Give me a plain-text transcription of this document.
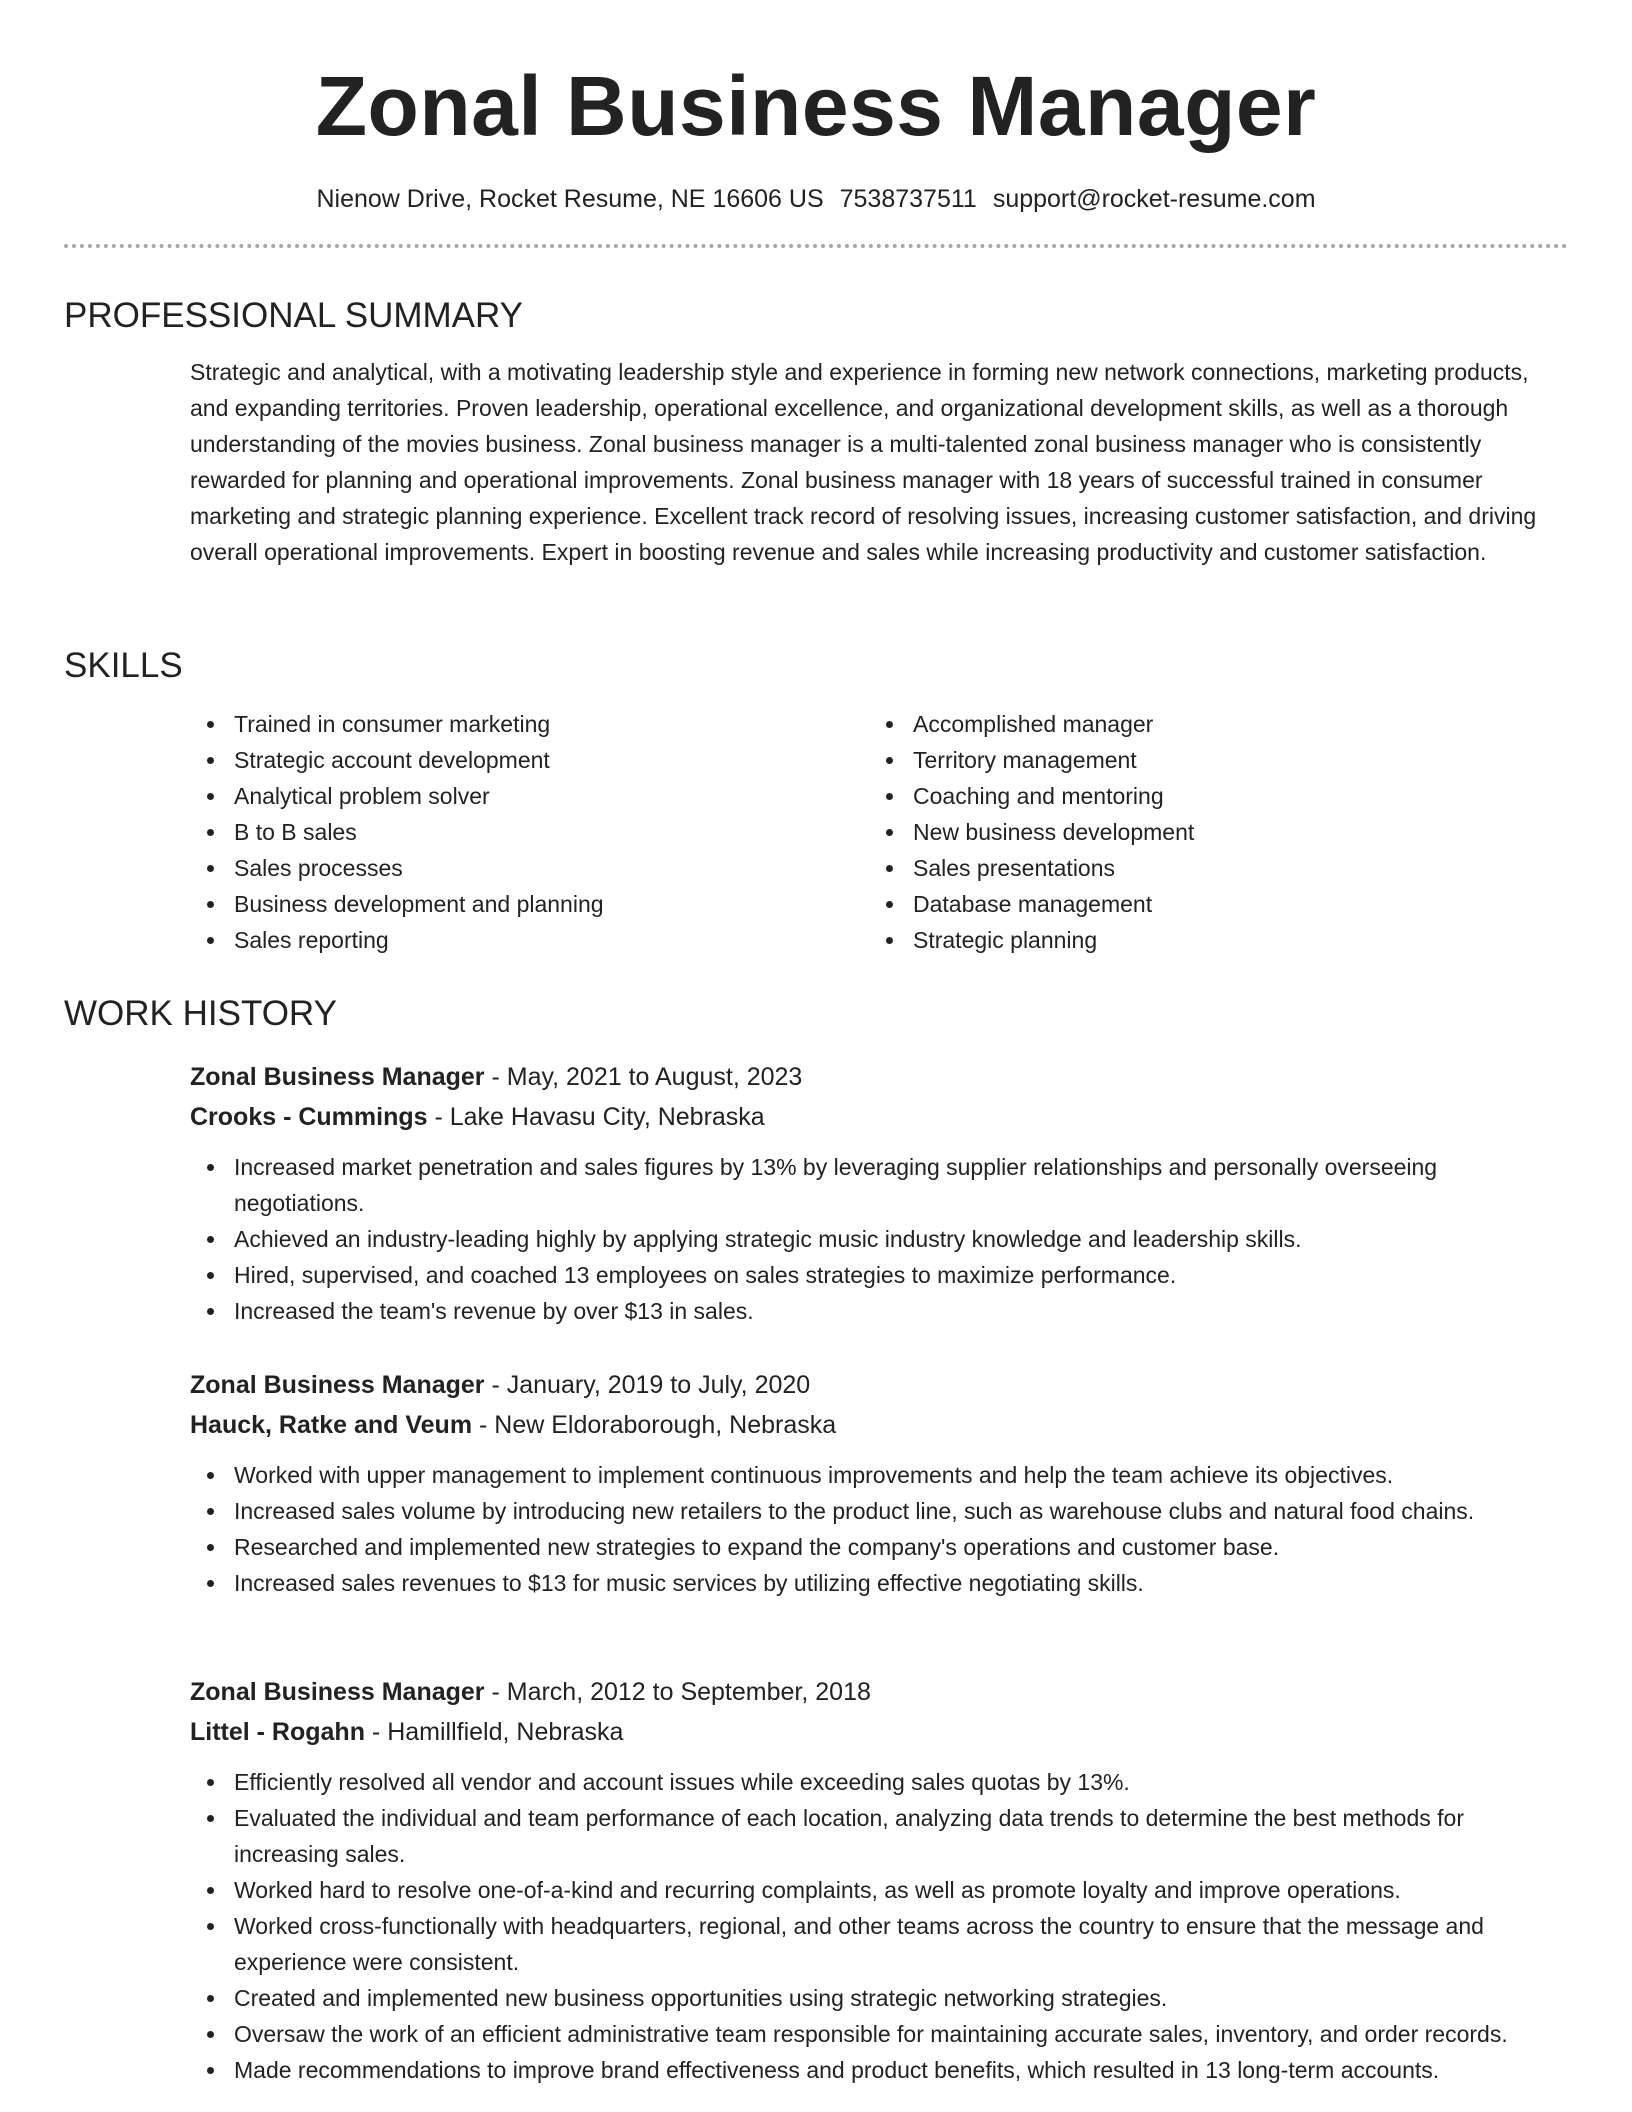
Zonal Business Manager
Nienow Drive, Rocket Resume, NE 16606 US 7538737511 support@rocket-resume.com
PROFESSIONAL SUMMARY

Strategic and analytical, with a motivating leadership style and experience in forming new network connections, marketing products, and expanding territories. Proven leadership, operational excellence, and organizational development skills, as well as a thorough understanding of the movies business. Zonal business manager is a multi-talented zonal business manager who is consistently rewarded for planning and operational improvements. Zonal business manager with 18 years of successful trained in consumer marketing and strategic planning experience. Excellent track record of resolving issues, increasing customer satisfaction, and driving overall operational improvements. Expert in boosting revenue and sales while increasing productivity and customer satisfaction.

SKILLS
Trained in consumer marketing
Strategic account development
Analytical problem solver
B to B sales
Sales processes
Business development and planning
Sales reporting
Accomplished manager
Territory management
Coaching and mentoring
New business development
Sales presentations
Database management
Strategic planning
WORK HISTORY
Zonal Business Manager - May, 2021 to August, 2023
Crooks - Cummings - Lake Havasu City, Nebraska
Increased market penetration and sales figures by 13% by leveraging supplier relationships and personally overseeing negotiations.
Achieved an industry-leading highly by applying strategic music industry knowledge and leadership skills.
Hired, supervised, and coached 13 employees on sales strategies to maximize performance.
Increased the team's revenue by over $13 in sales.
Zonal Business Manager - January, 2019 to July, 2020
Hauck, Ratke and Veum - New Eldoraborough, Nebraska
Worked with upper management to implement continuous improvements and help the team achieve its objectives.
Increased sales volume by introducing new retailers to the product line, such as warehouse clubs and natural food chains.
Researched and implemented new strategies to expand the company's operations and customer base.
Increased sales revenues to $13 for music services by utilizing effective negotiating skills.
Zonal Business Manager - March, 2012 to September, 2018
Littel - Rogahn - Hamillfield, Nebraska
Efficiently resolved all vendor and account issues while exceeding sales quotas by 13%.
Evaluated the individual and team performance of each location, analyzing data trends to determine the best methods for increasing sales.
Worked hard to resolve one-of-a-kind and recurring complaints, as well as promote loyalty and improve operations.
Worked cross-functionally with headquarters, regional, and other teams across the country to ensure that the message and experience were consistent.
Created and implemented new business opportunities using strategic networking strategies.
Oversaw the work of an efficient administrative team responsible for maintaining accurate sales, inventory, and order records.
Made recommendations to improve brand effectiveness and product benefits, which resulted in 13 long-term accounts.
